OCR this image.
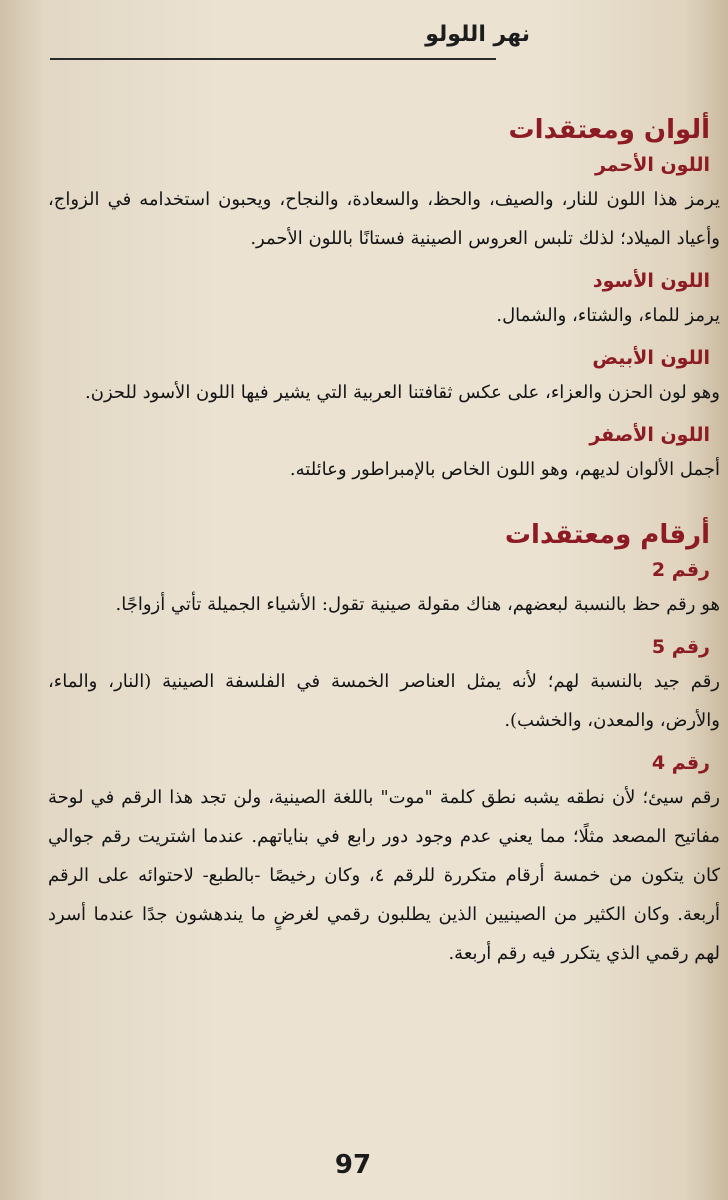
نهر اللولو
ألوان ومعتقدات
اللون الأحمر

يرمز هذا اللون للنار، والصيف، والحظ، والسعادة، والنجاح، ويحبون استخدامه في الزواج، وأعياد الميلاد؛ لذلك تلبس العروس الصينية فستانًا باللون الأحمر.

اللون الأسود

يرمز للماء، والشتاء، والشمال.

اللون الأبيض

وهو لون الحزن والعزاء، على عكس ثقافتنا العربية التي يشير فيها اللون الأسود للحزن.

اللون الأصفر

أجمل الألوان لديهم، وهو اللون الخاص بالإمبراطور وعائلته.

أرقام ومعتقدات
رقم 2

هو رقم حظ بالنسبة لبعضهم، هناك مقولة صينية تقول: الأشياء الجميلة تأتي أزواجًا.

رقم 5

رقم جيد بالنسبة لهم؛ لأنه يمثل العناصر الخمسة في الفلسفة الصينية (النار، والماء، والأرض، والمعدن، والخشب).

رقم 4

رقم سيئ؛ لأن نطقه يشبه نطق كلمة "موت" باللغة الصينية، ولن تجد هذا الرقم في لوحة مفاتيح المصعد مثلًا؛ مما يعني عدم وجود دور رابع في بناياتهم. عندما اشتريت رقم جوالي كان يتكون من خمسة أرقام متكررة للرقم ٤، وكان رخيصًا -بالطبع- لاحتوائه على الرقم أربعة. وكان الكثير من الصينيين الذين يطلبون رقمي لغرضٍ ما يندهشون جدًا عندما أسرد لهم رقمي الذي يتكرر فيه رقم أربعة.

97
